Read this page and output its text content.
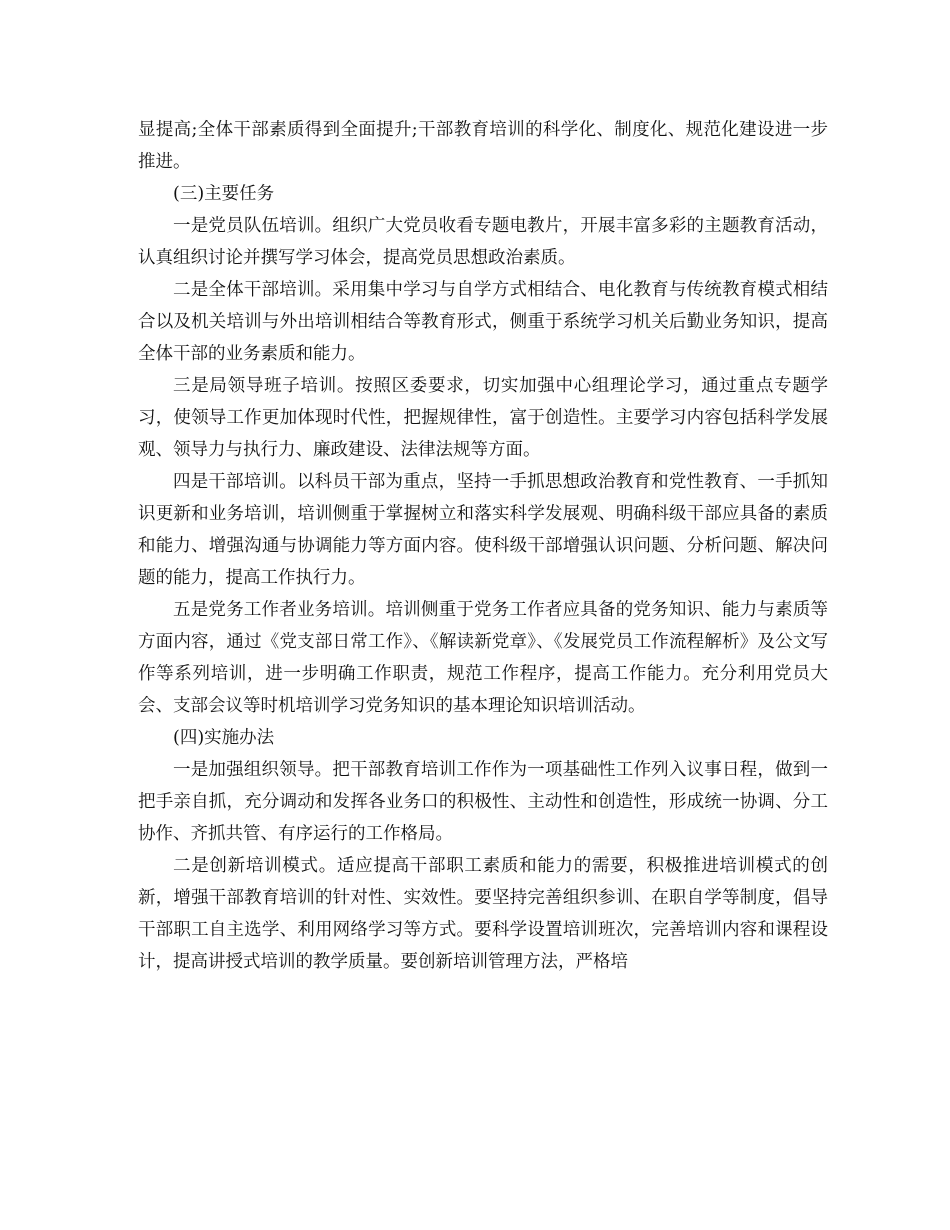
显提高;全体干部素质得到全面提升;干部教育培训的科学化、制度化、规范化建设进一步推进。

(三)主要任务

一是党员队伍培训。组织广大党员收看专题电教片，开展丰富多彩的主题教育活动，认真组织讨论并撰写学习体会，提高党员思想政治素质。

二是全体干部培训。采用集中学习与自学方式相结合、电化教育与传统教育模式相结合以及机关培训与外出培训相结合等教育形式，侧重于系统学习机关后勤业务知识，提高全体干部的业务素质和能力。

三是局领导班子培训。按照区委要求，切实加强中心组理论学习，通过重点专题学习，使领导工作更加体现时代性，把握规律性，富于创造性。主要学习内容包括科学发展观、领导力与执行力、廉政建设、法律法规等方面。

四是干部培训。以科员干部为重点，坚持一手抓思想政治教育和党性教育、一手抓知识更新和业务培训，培训侧重于掌握树立和落实科学发展观、明确科级干部应具备的素质和能力、增强沟通与协调能力等方面内容。使科级干部增强认识问题、分析问题、解决问题的能力，提高工作执行力。

五是党务工作者业务培训。培训侧重于党务工作者应具备的党务知识、能力与素质等方面内容，通过《党支部日常工作》、《解读新党章》、《发展党员工作流程解析》及公文写作等系列培训，进一步明确工作职责，规范工作程序，提高工作能力。充分利用党员大会、支部会议等时机培训学习党务知识的基本理论知识培训活动。

(四)实施办法

一是加强组织领导。把干部教育培训工作作为一项基础性工作列入议事日程，做到一把手亲自抓，充分调动和发挥各业务口的积极性、主动性和创造性，形成统一协调、分工协作、齐抓共管、有序运行的工作格局。

二是创新培训模式。适应提高干部职工素质和能力的需要，积极推进培训模式的创新，增强干部教育培训的针对性、实效性。要坚持完善组织参训、在职自学等制度，倡导干部职工自主选学、利用网络学习等方式。要科学设置培训班次，完善培训内容和课程设计，提高讲授式培训的教学质量。要创新培训管理方法，严格培
